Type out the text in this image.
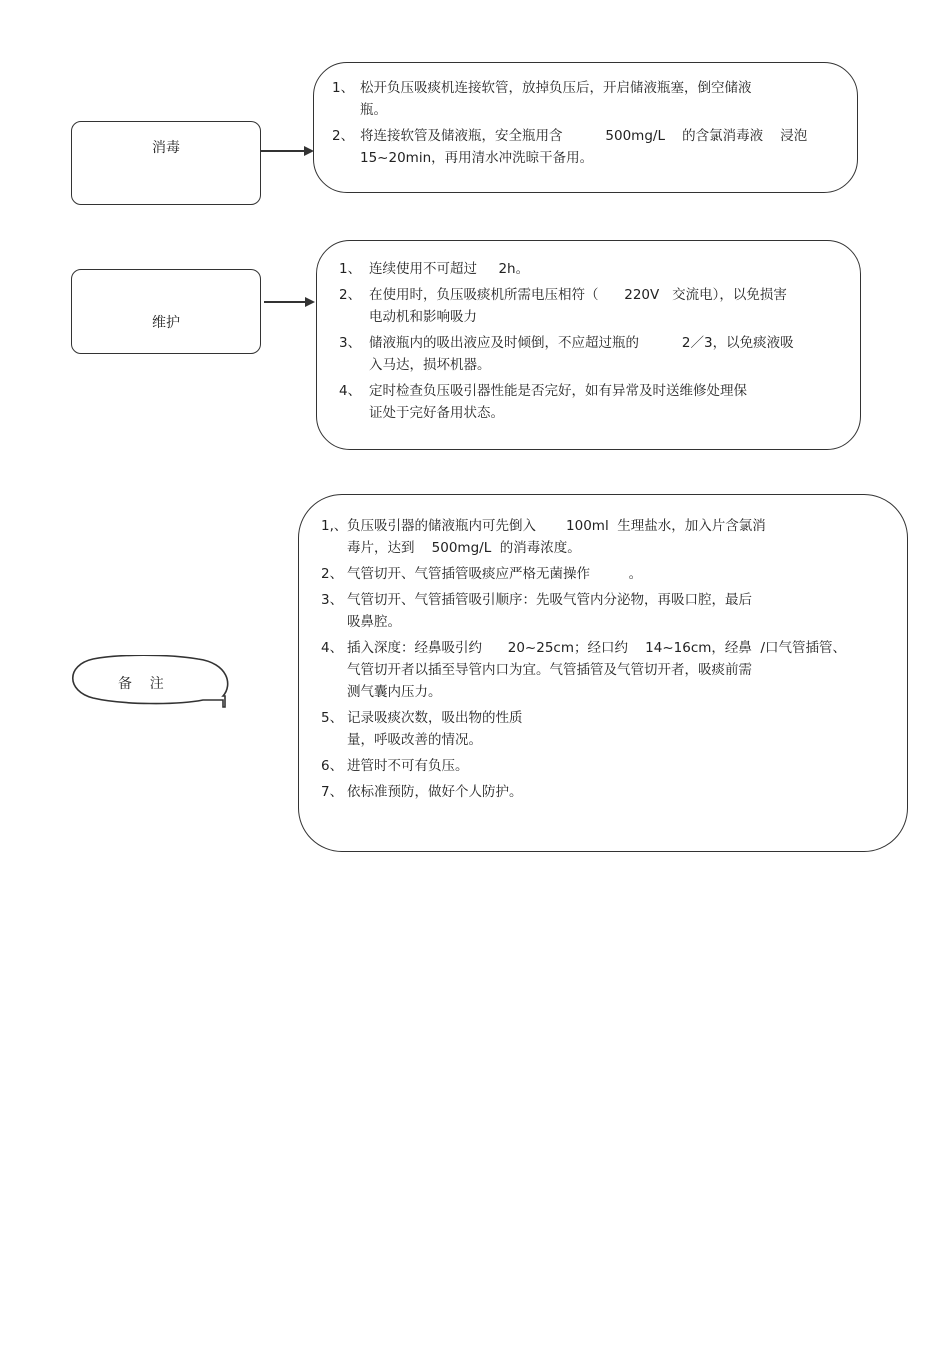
消毒
1、 松开负压吸痰机连接软管，放掉负压后，开启储液瓶塞，倒空储液
瓶。
2、 将连接软管及储液瓶，安全瓶用含          500mg/L    的含氯消毒液    浸泡
15~20min，再用清水冲洗晾干备用。
维护
1、 连续使用不可超过     2h。
2、 在使用时，负压吸痰机所需电压相符（      220V   交流电），以免损害
电动机和影响吸力
3、 储液瓶内的吸出液应及时倾倒，不应超过瓶的          2／3，以免痰液吸
入马达，损坏机器。
4、 定时检查负压吸引器性能是否完好，如有异常及时送维修处理保
证处于完好备用状态。
备    注
1,、 负压吸引器的储液瓶内可先倒入       100ml  生理盐水，加入片含氯消
毒片，达到    500mg/L  的消毒浓度。
2、 气管切开、气管插管吸痰应严格无菌操作         。
3、 气管切开、气管插管吸引顺序：先吸气管内分泌物，再吸口腔，最后
吸鼻腔。
4、 插入深度：经鼻吸引约      20~25cm；经口约    14~16cm，经鼻  /口气管插管、
气管切开者以插至导管内口为宜。气管插管及气管切开者，吸痰前需
测气囊内压力。
5、 记录吸痰次数，吸出物的性质
量，呼吸改善的情况。
6、 进管时不可有负压。
7、 依标准预防，做好个人防护。
